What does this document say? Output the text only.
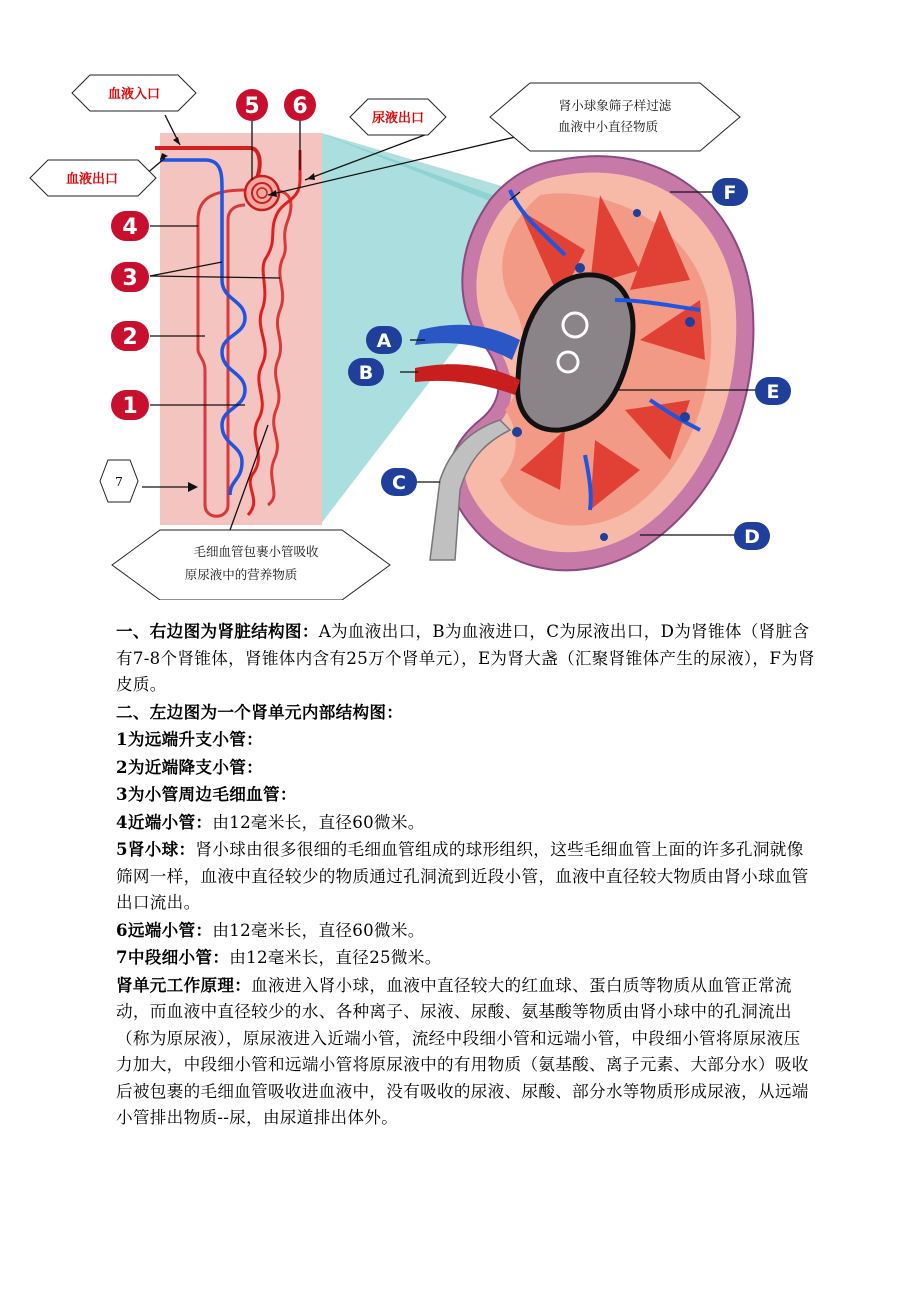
血液入口
血液出口
尿液出口
肾小球象筛子样过滤
血液中小直径物质
毛细血管包裹小管吸收
原尿液中的营养物质
7
5 6
4
3
2
1
F
A
B
E
C
D

一、右边图为肾脏结构图：A为血液出口，B为血液进口，C为尿液出口，D为肾锥体（肾脏含有7-8个肾锥体，肾锥体内含有25万个肾单元），E为肾大盏（汇聚肾锥体产生的尿液），F为肾皮质。

二、左边图为一个肾单元内部结构图：

1为远端升支小管：

2为近端降支小管：

3为小管周边毛细血管：

4近端小管：由12毫米长，直径60微米。

5肾小球：肾小球由很多很细的毛细血管组成的球形组织，这些毛细血管上面的许多孔洞就像筛网一样，血液中直径较少的物质通过孔洞流到近段小管，血液中直径较大物质由肾小球血管出口流出。

6远端小管：由12毫米长，直径60微米。

7中段细小管：由12毫米长，直径25微米。

肾单元工作原理：血液进入肾小球，血液中直径较大的红血球、蛋白质等物质从血管正常流动，而血液中直径较少的水、各种离子、尿液、尿酸、氨基酸等物质由肾小球中的孔洞流出（称为原尿液），原尿液进入近端小管，流经中段细小管和远端小管，中段细小管将原尿液压力加大，中段细小管和远端小管将原尿液中的有用物质（氨基酸、离子元素、大部分水）吸收后被包裹的毛细血管吸收进血液中，没有吸收的尿液、尿酸、部分水等物质形成尿液，从远端小管排出物质--尿，由尿道排出体外。
